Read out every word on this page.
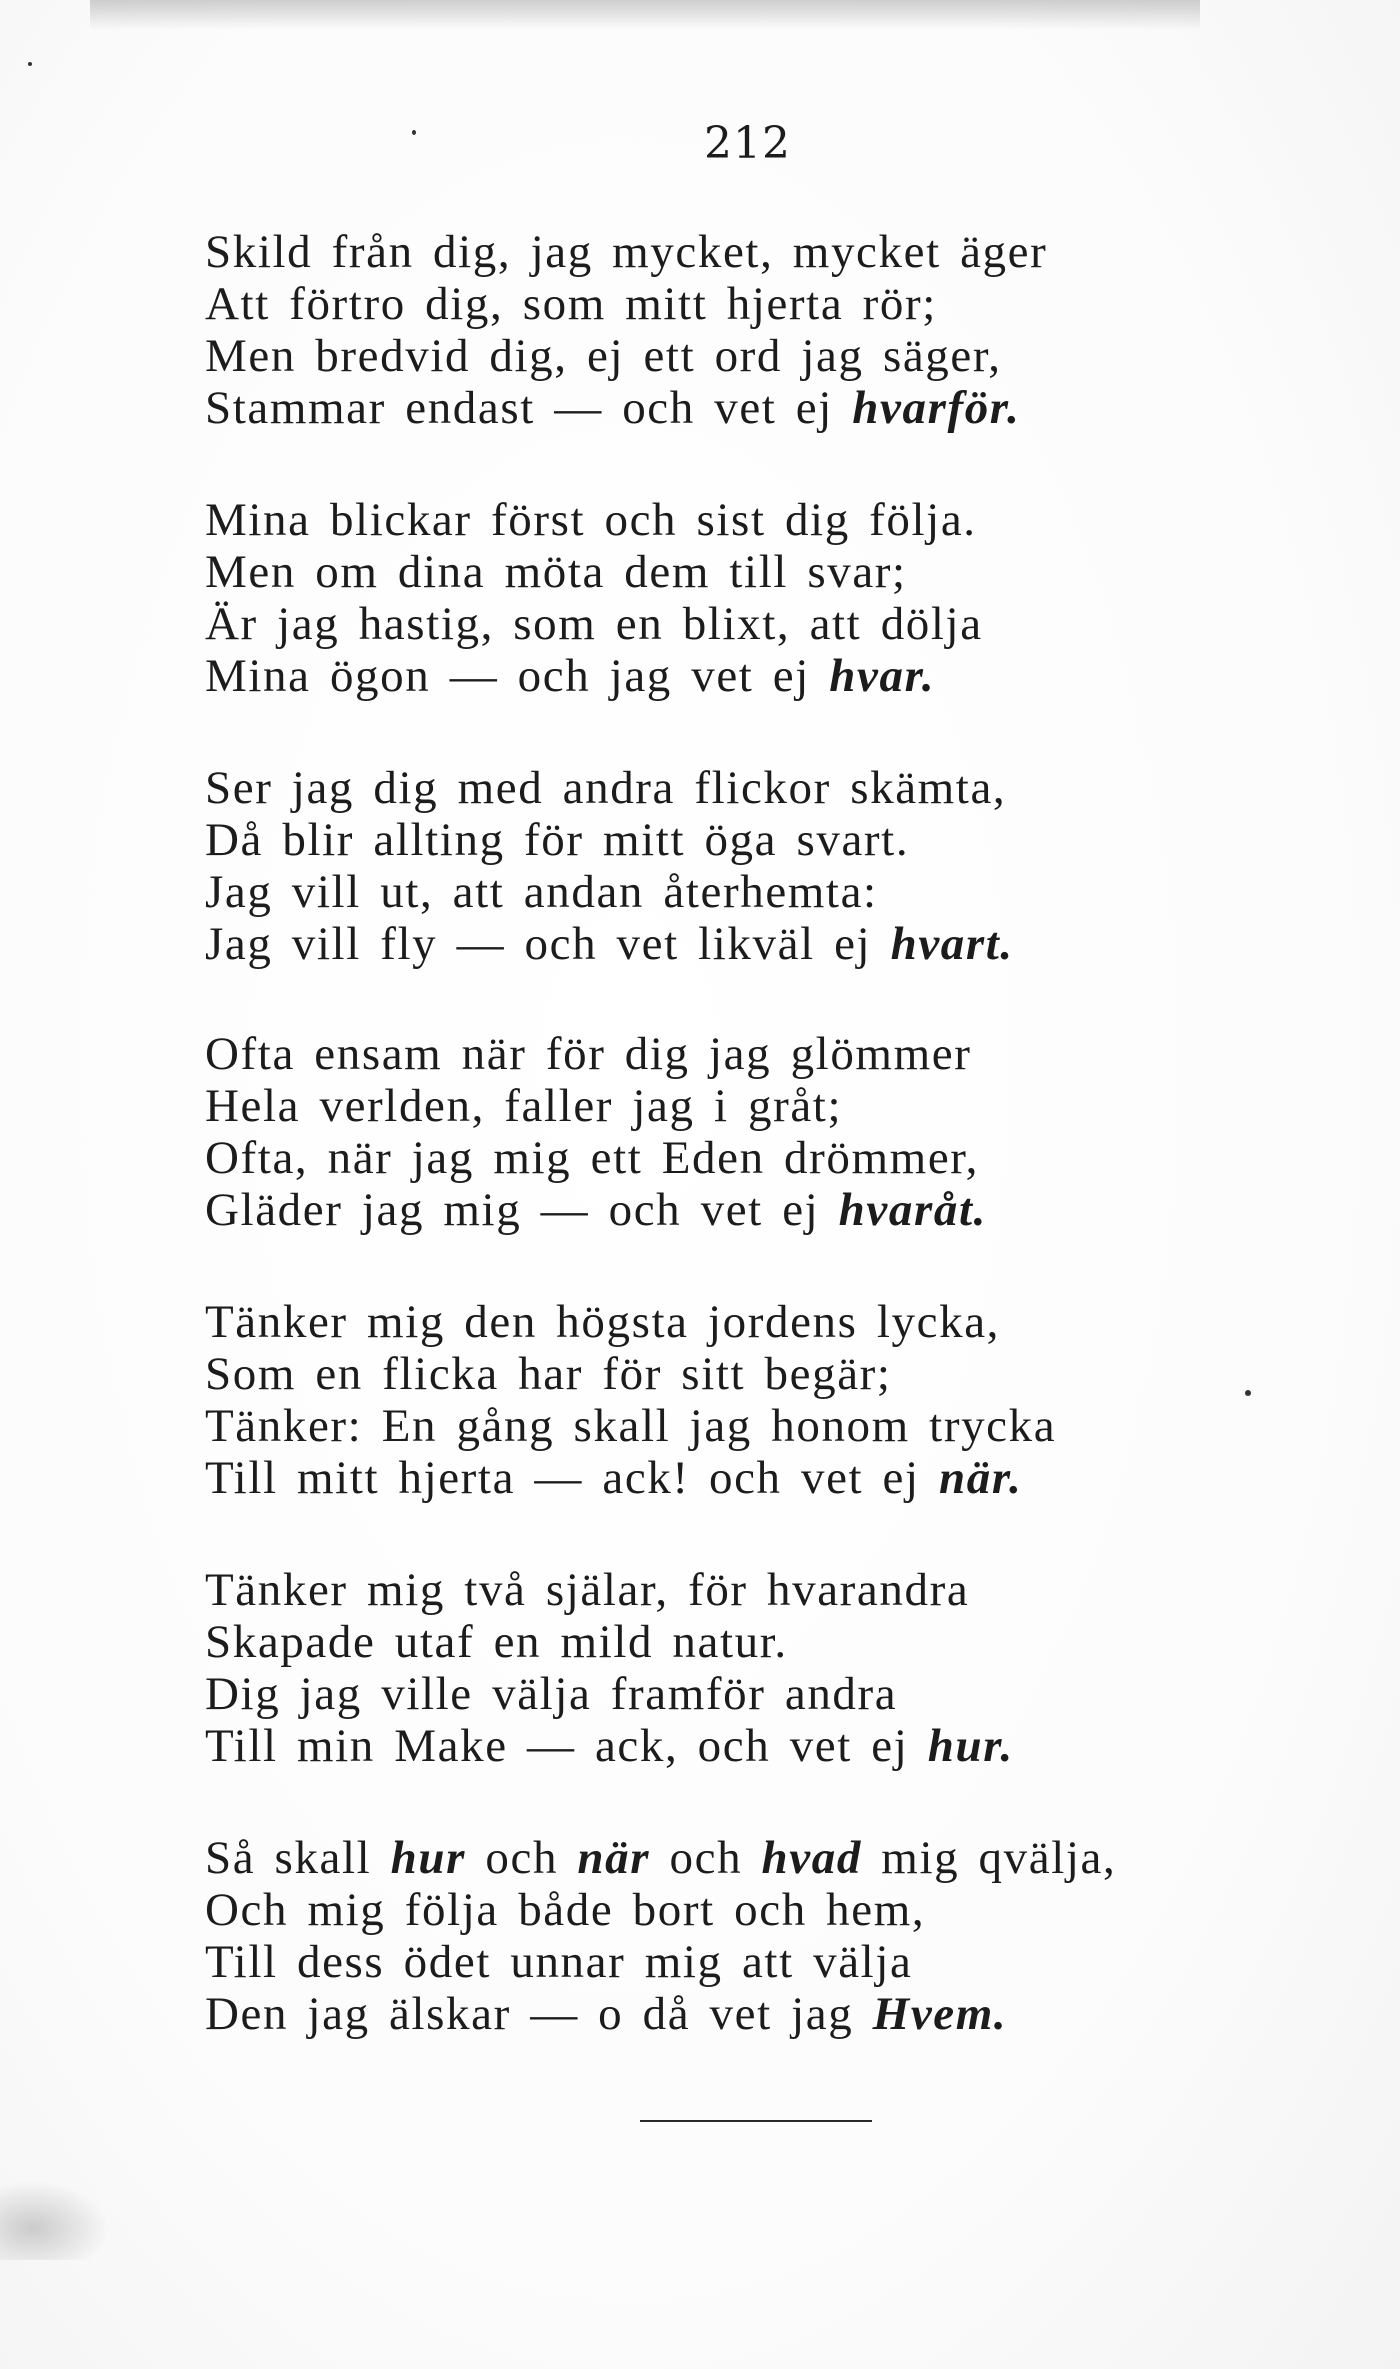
212
Skild från dig, jag mycket, mycket äger
Att förtro dig, som mitt hjerta rör;
Men bredvid dig, ej ett ord jag säger,
Stammar endast — och vet ej hvarför.
Mina blickar först och sist dig följa.
Men om dina möta dem till svar;
Är jag hastig, som en blixt, att dölja
Mina ögon — och jag vet ej hvar.
Ser jag dig med andra flickor skämta,
Då blir allting för mitt öga svart.
Jag vill ut, att andan återhemta:
Jag vill fly — och vet likväl ej hvart.
Ofta ensam när för dig jag glömmer
Hela verlden, faller jag i gråt;
Ofta, när jag mig ett Eden drömmer,
Gläder jag mig — och vet ej hvaråt.
Tänker mig den högsta jordens lycka,
Som en flicka har för sitt begär;
Tänker: En gång skall jag honom trycka
Till mitt hjerta — ack! och vet ej när.
Tänker mig två själar, för hvarandra
Skapade utaf en mild natur.
Dig jag ville välja framför andra
Till min Make — ack, och vet ej hur.
Så skall hur och när och hvad mig qvälja,
Och mig följa både bort och hem,
Till dess ödet unnar mig att välja
Den jag älskar — o då vet jag Hvem.
